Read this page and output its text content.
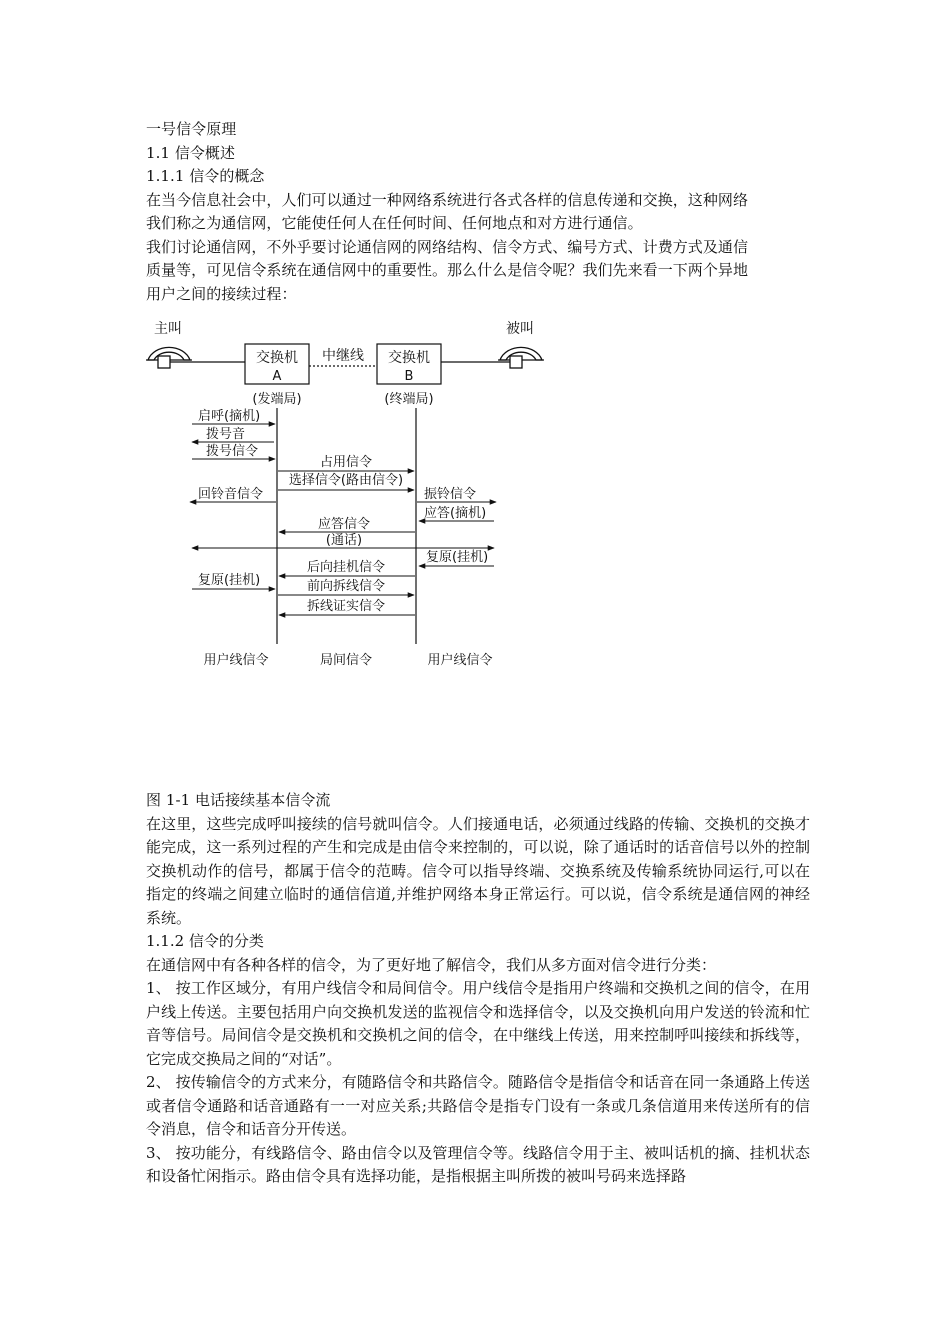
一号信令原理
1.1 信令概述
1.1.1 信令的概念
在当今信息社会中，人们可以通过一种网络系统进行各式各样的信息传递和交换，这种网络
我们称之为通信网，它能使任何人在任何时间、任何地点和对方进行通信。
我们讨论通信网，不外乎要讨论通信网的网络结构、信令方式、编号方式、计费方式及通信
质量等，可见信令系统在通信网中的重要性。那么什么是信令呢？我们先来看一下两个异地
用户之间的接续过程：
主叫
交换机
A
中继线 交换机
B
被叫
(发端局)	(终端局)
启呼(摘机)
拨号音
拨号信令
占用信令
选择信令(路由信令)
回铃音信令	振铃信令
应答(摘机)
应答信令
(通话)
复原(挂机)
后向挂机信令
复原(挂机)	前向拆线信令
拆线证实信令
用户线信令	局间信令	用户线信令
图 1-1 电话接续基本信令流

在这里，这些完成呼叫接续的信号就叫信令。人们接通电话，必须通过线路的传输、交换机的交换才能完成，这一系列过程的产生和完成是由信令来控制的，可以说，除了通话时的话音信号以外的控制交换机动作的信号，都属于信令的范畴。信令可以指导终端、交换系统及传输系统协同运行,可以在指定的终端之间建立临时的通信信道,并维护网络本身正常运行。可以说，信令系统是通信网的神经系统。

1.1.2 信令的分类

在通信网中有各种各样的信令，为了更好地了解信令，我们从多方面对信令进行分类：

1、 按工作区域分，有用户线信令和局间信令。用户线信令是指用户终端和交换机之间的信令，在用户线上传送。主要包括用户向交换机发送的监视信令和选择信令，以及交换机向用户发送的铃流和忙音等信号。局间信令是交换机和交换机之间的信令，在中继线上传送，用来控制呼叫接续和拆线等，它完成交换局之间的“对话”。

2、 按传输信令的方式来分，有随路信令和共路信令。随路信令是指信令和话音在同一条通路上传送或者信令通路和话音通路有一一对应关系;共路信令是指专门设有一条或几条信道用来传送所有的信令消息，信令和话音分开传送。

3、 按功能分，有线路信令、路由信令以及管理信令等。线路信令用于主、被叫话机的摘、挂机状态和设备忙闲指示。路由信令具有选择功能，是指根据主叫所拨的被叫号码来选择路
